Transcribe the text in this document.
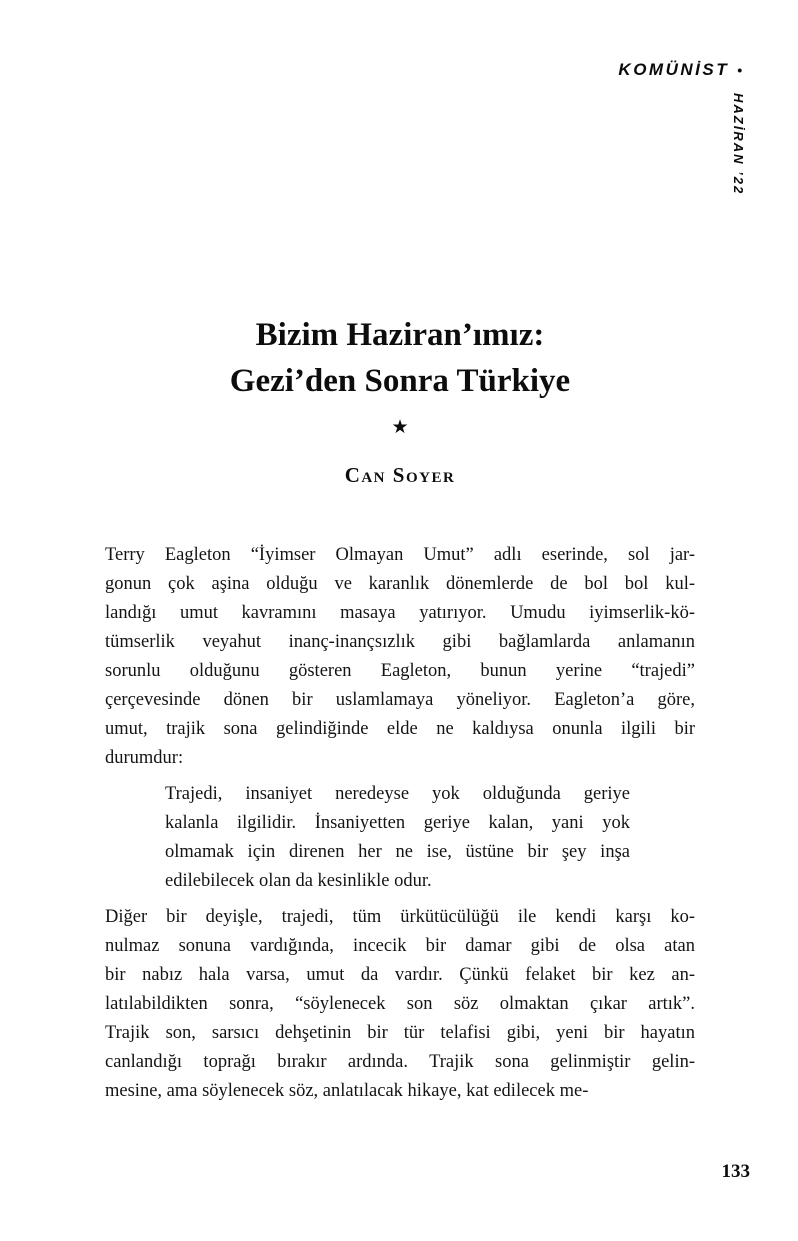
KOMÜNİST •
HAZİRAN ’22
Bizim Haziran’ımız:
Gezi’den Sonra Türkiye
★
Can Soyer
Terry Eagleton “İyimser Olmayan Umut” adlı eserinde, sol jar-
gonun çok aşina olduğu ve karanlık dönemlerde de bol bol kul-
landığı umut kavramını masaya yatırıyor. Umudu iyimserlik-kö-
tümserlik veyahut inanç-inançsızlık gibi bağlamlarda anlamanın
sorunlu olduğunu gösteren Eagleton, bunun yerine “trajedi”
çerçevesinde dönen bir uslamlamaya yöneliyor. Eagleton’a göre,
umut, trajik sona gelindiğinde elde ne kaldıysa onunla ilgili bir
durumdur:
Trajedi, insaniyet neredeyse yok olduğunda geriye
kalanla ilgilidir. İnsaniyetten geriye kalan, yani yok
olmamak için direnen her ne ise, üstüne bir şey inşa
edilebilecek olan da kesinlikle odur.
Diğer bir deyişle, trajedi, tüm ürkütücülüğü ile kendi karşı ko-
nulmaz sonuna vardığında, incecik bir damar gibi de olsa atan
bir nabız hala varsa, umut da vardır. Çünkü felaket bir kez an-
latılabildikten sonra, “söylenecek son söz olmaktan çıkar artık”.
Trajik son, sarsıcı dehşetinin bir tür telafisi gibi, yeni bir hayatın
canlandığı toprağı bırakır ardında. Trajik sona gelinmiştir gelin-
mesine, ama söylenecek söz, anlatılacak hikaye, kat edilecek me-
133
